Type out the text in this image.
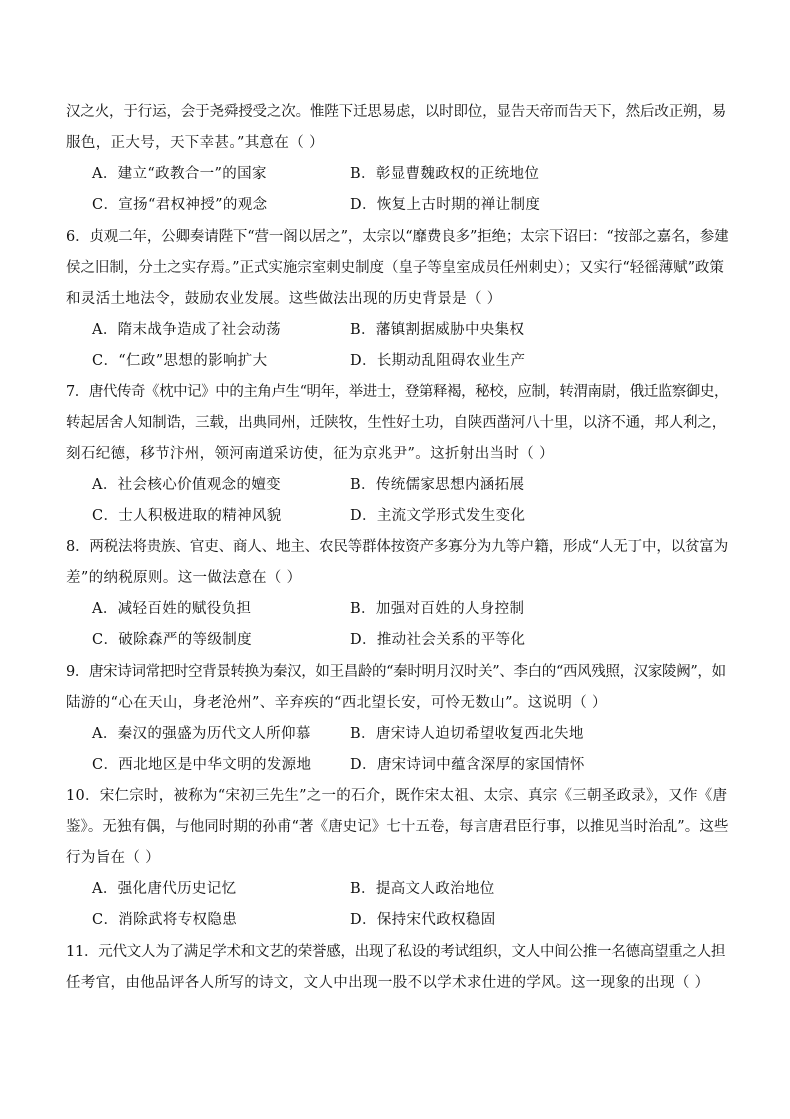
汉之火，于行运，会于尧舜授受之次。惟陛下迁思易虑，以时即位，显告天帝而告天下，然后改正朔，易
服色，正大号，天下幸甚。”其意在（ ）
A．建立“政教合一”的国家	B．彰显曹魏政权的正统地位
C．宣扬“君权神授”的观念	D．恢复上古时期的禅让制度
6．贞观二年，公卿奏请陛下“营一阁以居之”，太宗以“靡费良多”拒绝；太宗下诏曰：“按部之嘉名，参建
侯之旧制，分土之实存焉。”正式实施宗室刺史制度（皇子等皇室成员任州刺史）；又实行“轻徭薄赋”政策
和灵活土地法令，鼓励农业发展。这些做法出现的历史背景是（ ）
A．隋末战争造成了社会动荡	B．藩镇割据威胁中央集权
C．“仁政”思想的影响扩大	D．长期动乱阻碍农业生产
7．唐代传奇《枕中记》中的主角卢生“明年，举进士，登第释褐，秘校，应制，转渭南尉，俄迁监察御史，
转起居舍人知制诰，三载，出典同州，迁陕牧，生性好土功，自陕西凿河八十里，以济不通，邦人利之，
刻石纪德，移节汴州，领河南道采访使，征为京兆尹”。这折射出当时（ ）
A．社会核心价值观念的嬗变	B．传统儒家思想内涵拓展
C．士人积极进取的精神风貌	D．主流文学形式发生变化
8．两税法将贵族、官吏、商人、地主、农民等群体按资产多寡分为九等户籍，形成“人无丁中，以贫富为
差”的纳税原则。这一做法意在（ ）
A．减轻百姓的赋役负担	B．加强对百姓的人身控制
C．破除森严的等级制度	D．推动社会关系的平等化
9．唐宋诗词常把时空背景转换为秦汉，如王昌龄的“秦时明月汉时关”、李白的“西风残照，汉家陵阙”，如
陆游的“心在天山，身老沧州”、辛弃疾的“西北望长安，可怜无数山”。这说明（ ）
A．秦汉的强盛为历代文人所仰慕	B．唐宋诗人迫切希望收复西北失地
C．西北地区是中华文明的发源地	D．唐宋诗词中蕴含深厚的家国情怀
10．宋仁宗时，被称为“宋初三先生”之一的石介，既作宋太祖、太宗、真宗《三朝圣政录》，又作《唐
鉴》。无独有偶，与他同时期的孙甫“著《唐史记》七十五卷，每言唐君臣行事，以推见当时治乱”。这些
行为旨在（ ）
A．强化唐代历史记忆	B．提高文人政治地位
C．消除武将专权隐患	D．保持宋代政权稳固
11．元代文人为了满足学术和文艺的荣誉感，出现了私设的考试组织，文人中间公推一名德高望重之人担
任考官，由他品评各人所写的诗文，文人中出现一股不以学术求仕进的学风。这一现象的出现（ ）
